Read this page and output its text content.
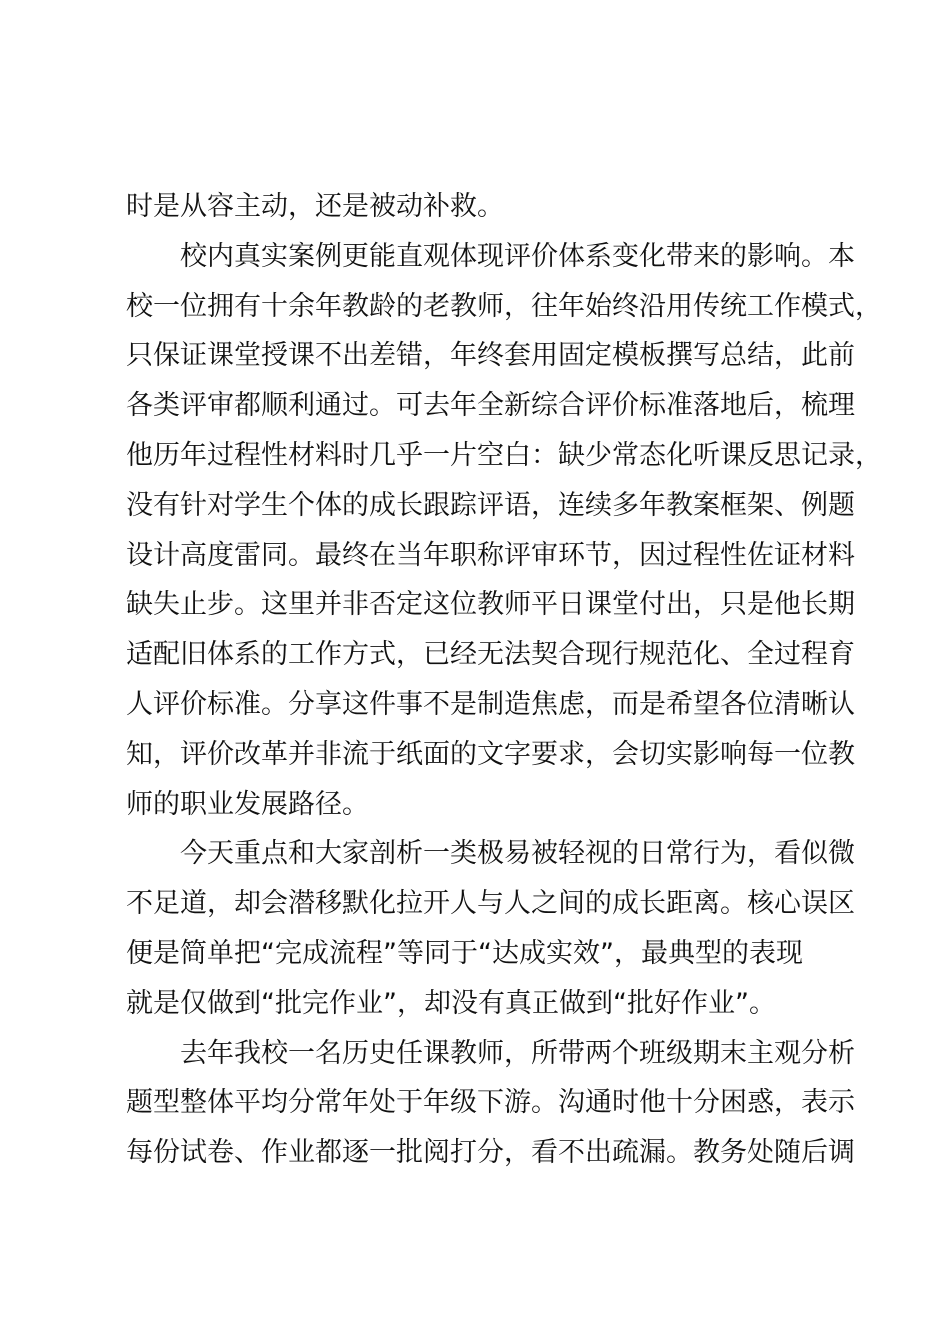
时是从容主动，还是被动补救。
校内真实案例更能直观体现评价体系变化带来的影响。本
校一位拥有十余年教龄的老教师，往年始终沿用传统工作模式，
只保证课堂授课不出差错，年终套用固定模板撰写总结，此前
各类评审都顺利通过。可去年全新综合评价标准落地后，梳理
他历年过程性材料时几乎一片空白：缺少常态化听课反思记录，
没有针对学生个体的成长跟踪评语，连续多年教案框架、例题
设计高度雷同。最终在当年职称评审环节，因过程性佐证材料
缺失止步。这里并非否定这位教师平日课堂付出，只是他长期
适配旧体系的工作方式，已经无法契合现行规范化、全过程育
人评价标准。分享这件事不是制造焦虑，而是希望各位清晰认
知，评价改革并非流于纸面的文字要求，会切实影响每一位教
师的职业发展路径。
今天重点和大家剖析一类极易被轻视的日常行为，看似微
不足道，却会潜移默化拉开人与人之间的成长距离。核心误区
便是简单把“完成流程”等同于“达成实效”，最典型的表现
就是仅做到“批完作业”，却没有真正做到“批好作业”。
去年我校一名历史任课教师，所带两个班级期末主观分析
题型整体平均分常年处于年级下游。沟通时他十分困惑，表示
每份试卷、作业都逐一批阅打分，看不出疏漏。教务处随后调
